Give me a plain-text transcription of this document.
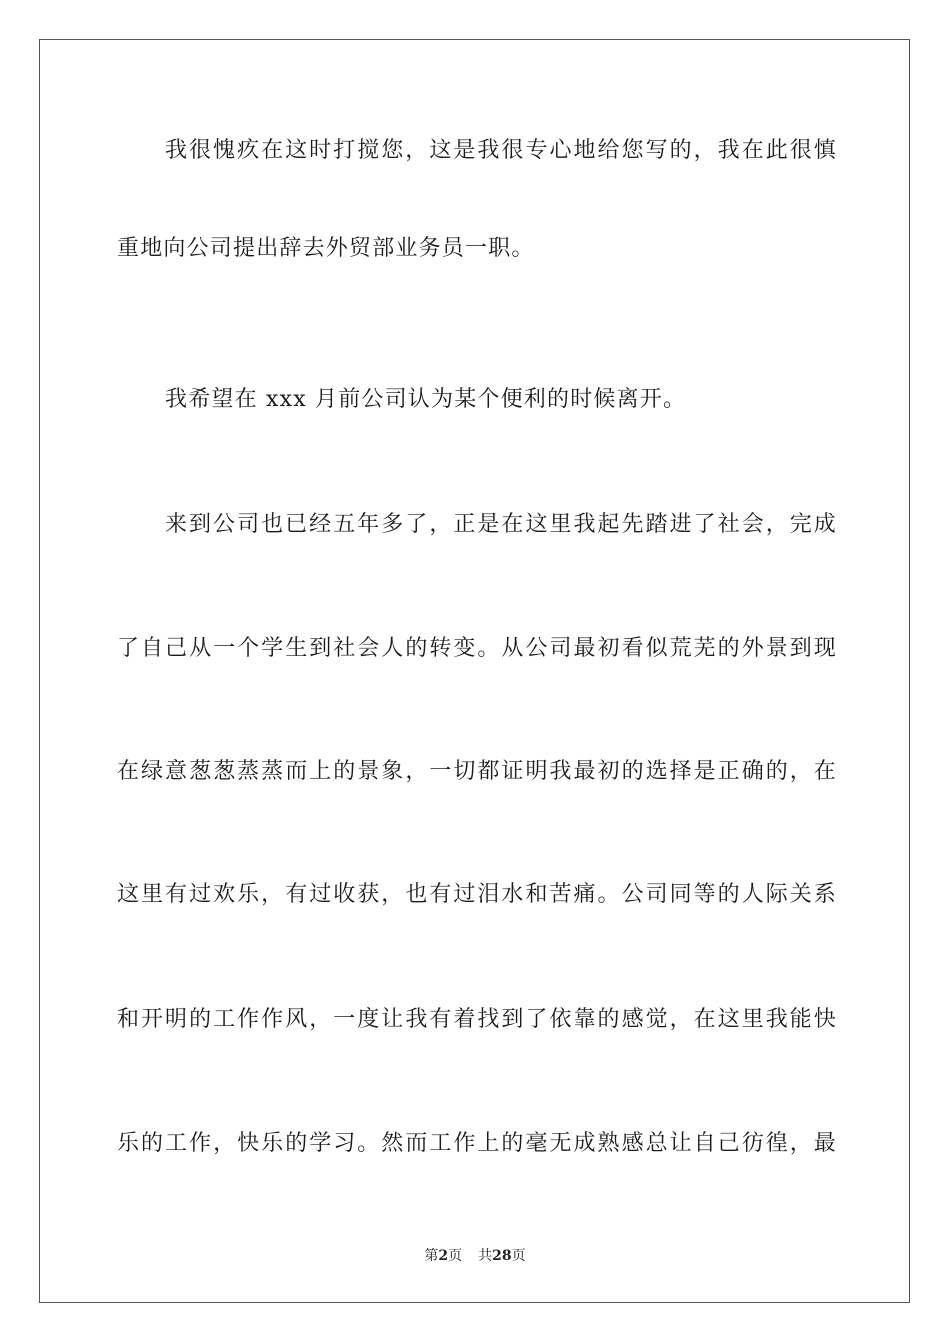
我很愧疚在这时打搅您，这是我很专心地给您写的，我在此很慎
重地向公司提出辞去外贸部业务员一职。
我希望在 xxx 月前公司认为某个便利的时候离开。
来到公司也已经五年多了，正是在这里我起先踏进了社会，完成
了自己从一个学生到社会人的转变。从公司最初看似荒芜的外景到现
在绿意葱葱蒸蒸而上的景象，一切都证明我最初的选择是正确的，在
这里有过欢乐，有过收获，也有过泪水和苦痛。公司同等的人际关系
和开明的工作作风，一度让我有着找到了依靠的感觉，在这里我能快
乐的工作，快乐的学习。然而工作上的毫无成熟感总让自己彷徨，最
第2页 共28页
